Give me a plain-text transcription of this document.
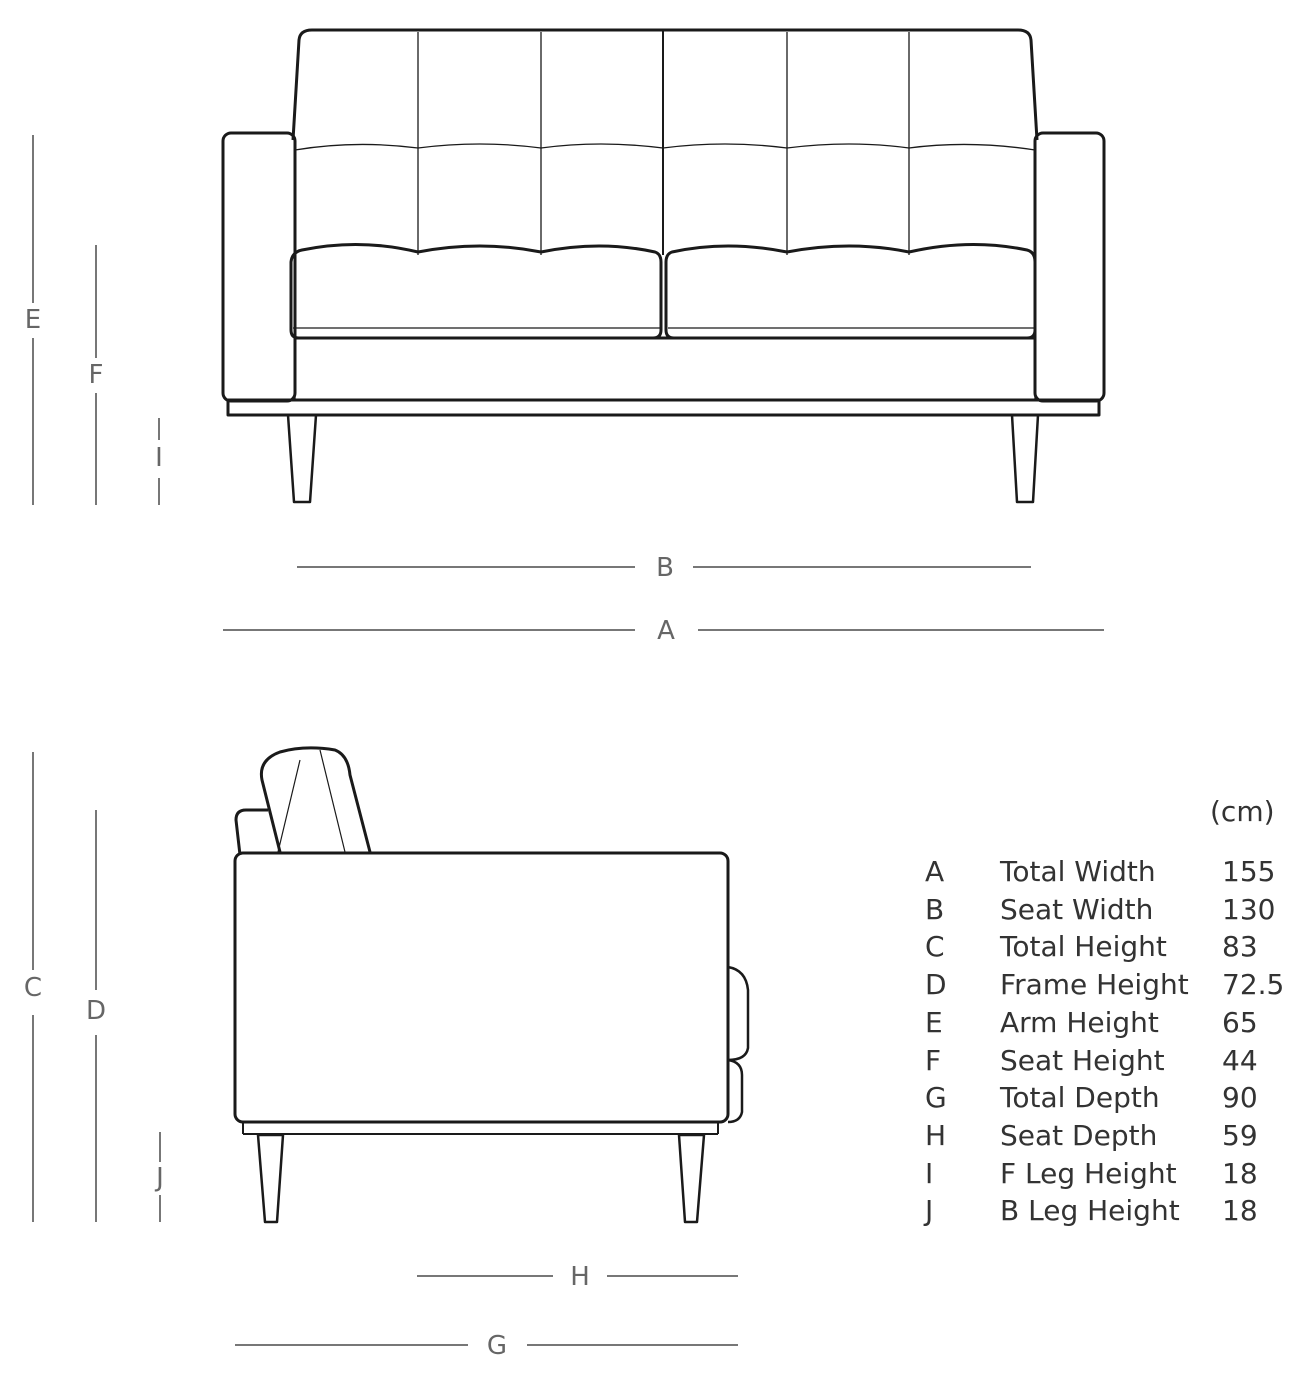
E
F
I
B
A
C
D
J
H
G
(cm)
A Total Width 155
B Seat Width 130
C Total Height 83
D Frame Height 72.5
E Arm Height 65
F Seat Height 44
G Total Depth 90
H Seat Depth 59
I F Leg Height 18
J B Leg Height 18
